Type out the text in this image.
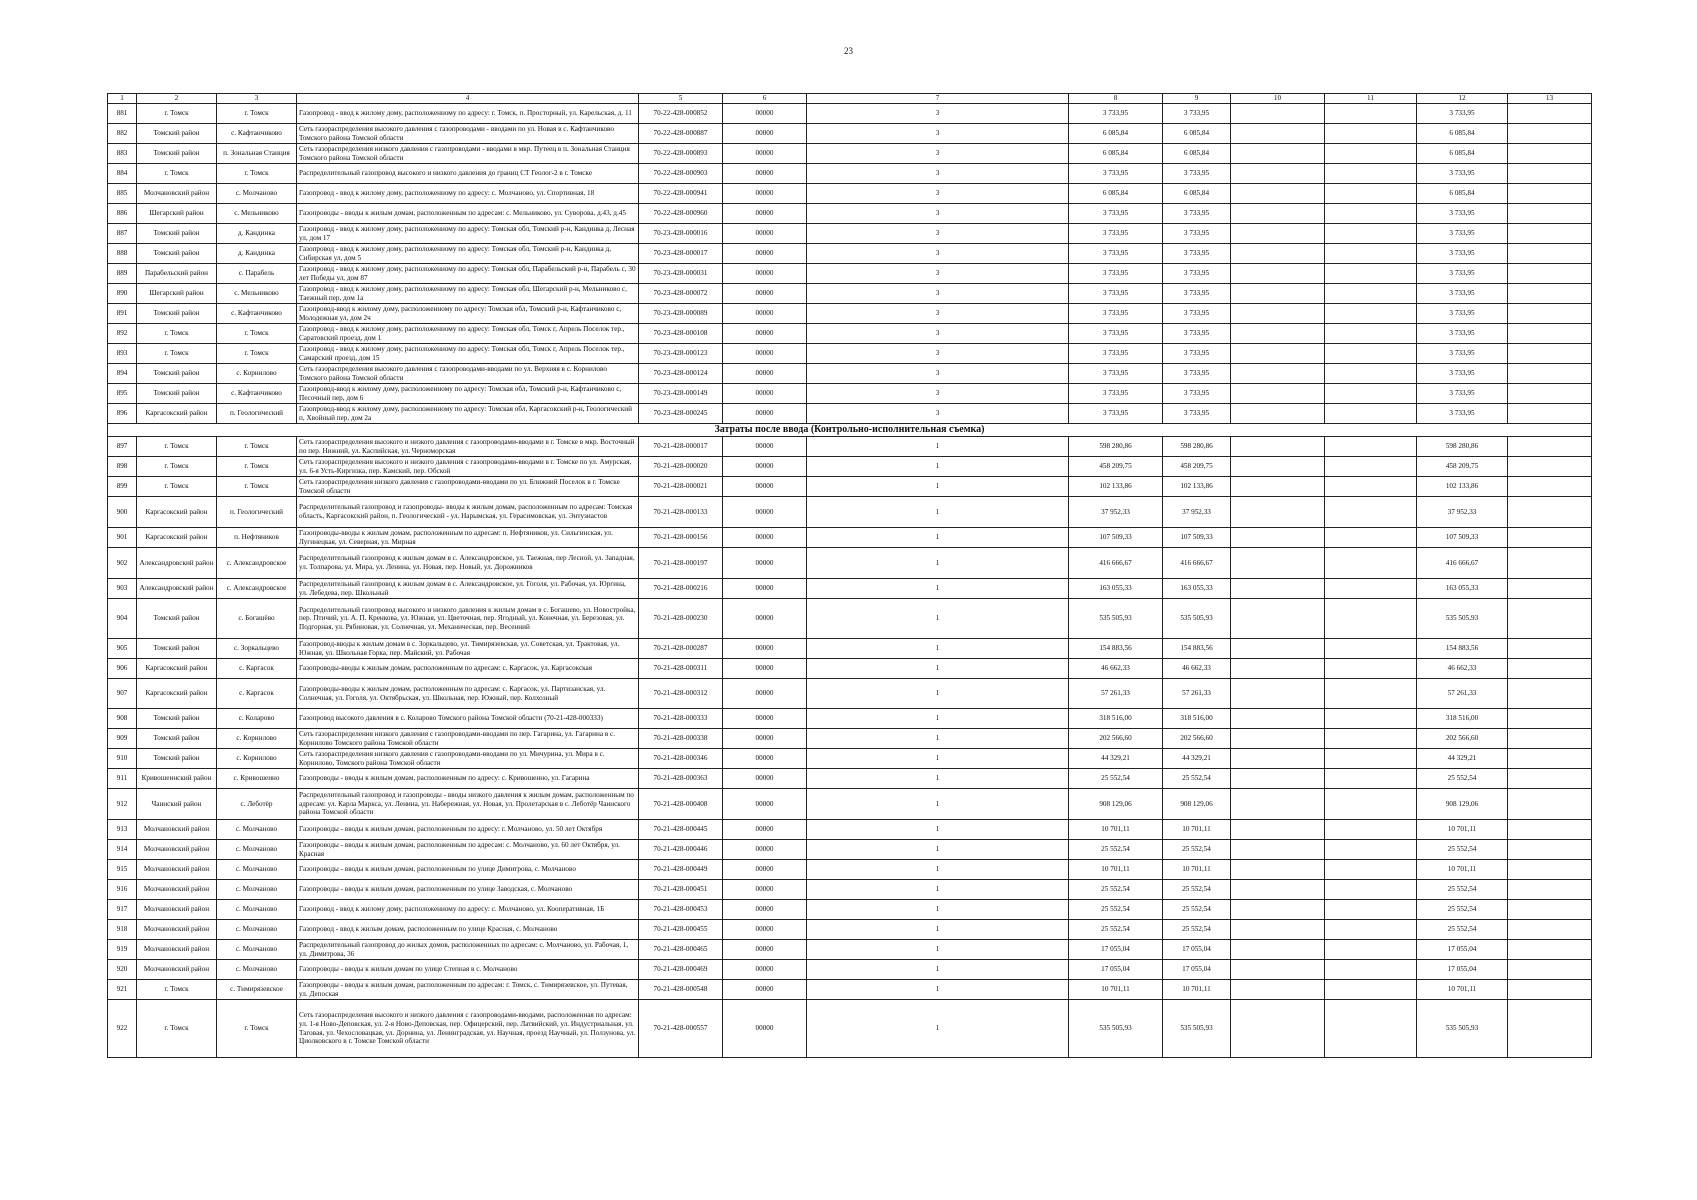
23
1	2	3	4	5	6	7	8	9	10	11	12	13
881	г. Томск	г. Томск	Газопровод - ввод к жилому дому, расположенному по адресу: г. Томск, п. Просторный, ул. Карельская, д. 11	70-22-428-000852	00000	3	3 733,95	3 733,95			3 733,95	
882	Томский район	с. Кафтанчиково	Сеть газораспределения высокого давления с газопроводами - вводами по ул. Новая в с. Кафтанчиково Томского района Томской области	70-22-428-000887	00000	3	6 085,84	6 085,84			6 085,84	
883	Томский район	п. Зональная Станция	Сеть газораспределения низкого давления с газопроводами - вводами в мкр. Путеец в п. Зональная Станция Томского района Томской области	70-22-428-000893	00000	3	6 085,84	6 085,84			6 085,84	
884	г. Томск	г. Томск	Распределительный газопровод высокого и низкого давления до границ СТ Геолог-2 в г. Томске	70-22-428-000903	00000	3	3 733,95	3 733,95			3 733,95	
885	Молчановский район	с. Молчаново	Газопровод - ввод к жилому дому, расположенному по адресу: с. Молчаново, ул. Спортивная, 18	70-22-428-000941	00000	3	6 085,84	6 085,84			6 085,84	
886	Шегарский район	с. Мельниково	Газопроводы - вводы к жилым домам, расположенным по адресам: с. Мельниково, ул. Суворова, д.43, д.45	70-22-428-000960	00000	3	3 733,95	3 733,95			3 733,95	
887	Томский район	д. Кандинка	Газопровод - ввод к жилому дому, расположенному по адресу: Томская обл, Томский р-н, Кандинка д, Лесная ул, дом 17	70-23-428-000016	00000	3	3 733,95	3 733,95			3 733,95	
888	Томский район	д. Кандинка	Газопровод - ввод к жилому дому, расположенному по адресу: Томская обл, Томский р-н, Кандинка д, Сибирская ул, дом 5	70-23-428-000017	00000	3	3 733,95	3 733,95			3 733,95	
889	Парабельский район	с. Парабель	Газопровод - ввод к жилому дому, расположенному по адресу: Томская обл, Парабельский р-н, Парабель с, 30 лет Победы ул, дом 87	70-23-428-000031	00000	3	3 733,95	3 733,95			3 733,95	
890	Шегарский район	с. Мельниково	Газопровод - ввод к жилому дому, расположенному по адресу: Томская обл, Шегарский р-н, Мельниково с, Таежный пер, дом 1а	70-23-428-000072	00000	3	3 733,95	3 733,95			3 733,95	
891	Томский район	с. Кафтанчиково	Газопровод-ввод к жилому дому, расположенному по адресу: Томская обл, Томский р-н, Кафтанчиково с, Молодежная ул, дом 2ч	70-23-428-000089	00000	3	3 733,95	3 733,95			3 733,95	
892	г. Томск	г. Томск	Газопровод - ввод к жилому дому, расположенному по адресу: Томская обл, Томск г, Апрель Поселок тер., Саратовский проезд, дом 1	70-23-428-000108	00000	3	3 733,95	3 733,95			3 733,95	
893	г. Томск	г. Томск	Газопровод - ввод к жилому дому, расположенному по адресу: Томская обл, Томск г, Апрель Поселок тер., Самарский проезд, дом 15	70-23-428-000123	00000	3	3 733,95	3 733,95			3 733,95	
894	Томский район	с. Корнилово	Сеть газораспределения высокого давления с газопроводами-вводами по ул. Верхняя в с. Корнилово Томского района Томской области	70-23-428-000124	00000	3	3 733,95	3 733,95			3 733,95	
895	Томский район	с. Кафтанчиково	Газопровод-ввод к жилому дому, расположенному по адресу: Томская обл, Томский р-н, Кафтанчиково с, Песочный пер, дом 6	70-23-428-000149	00000	3	3 733,95	3 733,95			3 733,95	
896	Каргасокский район	п. Геологический	Газопровод-ввод к жилому дому, расположенному по адресу: Томская обл, Каргасокский р-н, Геологический п, Хвойный пер, дом 2а	70-23-428-000245	00000	3	3 733,95	3 733,95			3 733,95	
Затраты после ввода (Контрольно-исполнительная съемка)												
897	г. Томск	г. Томск	Сеть газораспределения высокого и низкого давления с газопроводами-вводами в г. Томске в мкр. Восточный по пер. Нижний, ул. Каспийская, ул. Черноморская	70-21-428-000017	00000	1	598 280,86	598 280,86			598 280,86	
898	г. Томск	г. Томск	Сеть газораспределения высокого и низкого давления с газопроводами-вводами в г. Томске по ул. Амурская, ул. 6-я Усть-Киргизка, пер. Камский, пер. Обской	70-21-428-000020	00000	1	458 209,75	458 209,75			458 209,75	
899	г. Томск	г. Томск	Сеть газораспределения низкого давления с газопроводами-вводами по ул. Ближний Поселок в г. Томске Томской области	70-21-428-000021	00000	1	102 133,86	102 133,86			102 133,86	
900	Каргасокский район	п. Геологический	Распределительный газопровод и газопроводы- вводы к жилым домам, расположенным по адресам: Томская область, Каргасокский район, п. Геологический - ул. Нарымская, ул. Герасимовская, ул. Энтузиастов	70-21-428-000133	00000	1	37 952,33	37 952,33			37 952,33	
901	Каргасокский район	п. Нефтяников	Газопроводы-вводы к жилым домам, расположенным по адресам: п. Нефтяников, ул. Сильгинская, ул. Лугинецкая, ул. Северная, ул. Мирная	70-21-428-000156	00000	1	107 509,33	107 509,33			107 509,33	
902	Александровский район	с. Александровское	Распределительный газопровод к жилым домам в с. Александровское, ул. Таежная, пер Лесной, ул. Западная, ул. Толпарова, ул. Мира, ул. Ленина, ул. Новая, пер. Новый, ул. Дорожников	70-21-428-000197	00000	1	416 666,67	416 666,67			416 666,67	
903	Александровский район	с. Александровское	Распределительный газопровод к жилым домам в с. Александровское, ул. Гоголя, ул. Рабочая, ул. Юргина, ул. Лебедева, пер. Школьный	70-21-428-000216	00000	1	163 055,33	163 055,33			163 055,33	
904	Томский район	с. Богашёво	Распределительный газопровод высокого и низкого давления к жилым домам в с. Богашево, ул. Новостройка, пер. Птичий, ул. А. П. Кренкова, ул. Южная, ул. Цветочная, пер. Ягодный, ул. Конечная, ул. Березовая, ул. Подгорная, ул. Рябиновая, ул. Солнечная, ул. Механическая, пер. Весенний	70-21-428-000230	00000	1	535 505,93	535 505,93			535 505,93	
905	Томский район	с. Зоркальцево	Газопровод-вводы к жилым домам в с. Зоркальцево, ул. Тимирязевская, ул. Советская, ул. Трактовая, ул. Южная, ул. Школьная Горка, пер. Майский, ул. Рабочая	70-21-428-000287	00000	1	154 883,56	154 883,56			154 883,56	
906	Каргасокский район	с. Каргасок	Газопроводы-вводы к жилым домам, расположенным по адресам: с. Каргасок, ул. Каргасокская	70-21-428-000311	00000	1	46 662,33	46 662,33			46 662,33	
907	Каргасокский район	с. Каргасок	Газопроводы-вводы к жилым домам, расположенным по адресам: с. Каргасок, ул. Партизанская, ул. Солнечная, ул. Гоголя, ул. Октябрьская, ул. Школьная, пер. Южный, пер. Колхозный	70-21-428-000312	00000	1	57 261,33	57 261,33			57 261,33	
908	Томский район	с. Коларово	Газопровод высокого давления в с. Коларово Томского района Томской области (70-21-428-000333)	70-21-428-000333	00000	1	318 516,00	318 516,00			318 516,00	
909	Томский район	с. Корнилово	Сеть газораспределения низкого давления с газопроводами-вводами по пер. Гагарина, ул. Гагарина в с. Корнилово Томского района Томской области	70-21-428-000338	00000	1	202 566,60	202 566,60			202 566,60	
910	Томский район	с. Корнилово	Сеть газораспределения низкого давления с газопроводами-вводами по ул. Мичурина, ул. Мира в с. Корнилово, Томского района Томской области	70-21-428-000346	00000	1	44 329,21	44 329,21			44 329,21	
911	Кривошеинский район	с. Кривошеино	Газопроводы - вводы к жилым домам, расположенным по адресу: с. Кривошеино, ул. Гагарина	70-21-428-000363	00000	1	25 552,54	25 552,54			25 552,54	
912	Чаинский район	с. Леботёр	Распределительный газопровод и газопроводы - вводы низкого давления к жилым домам, расположенным по адресам: ул. Карла Маркса, ул. Ленина, ул. Набережная, ул. Новая, ул. Пролетарская в с. Леботёр Чаинского района Томской области	70-21-428-000408	00000	1	908 129,06	908 129,06			908 129,06	
913	Молчановский район	с. Молчаново	Газопроводы - вводы к жилым домам, расположенным по адресу: г. Молчаново, ул. 50 лет Октября	70-21-428-000445	00000	1	10 701,11	10 701,11			10 701,11	
914	Молчановский район	с. Молчаново	Газопроводы - вводы к жилым домам, расположенным по адресам: с. Молчаново, ул. 60 лет Октября, ул. Красная	70-21-428-000446	00000	1	25 552,54	25 552,54			25 552,54	
915	Молчановский район	с. Молчаново	Газопроводы - вводы к жилым домам, расположенным по улице Димитрова, с. Молчаново	70-21-428-000449	00000	1	10 701,11	10 701,11			10 701,11	
916	Молчановский район	с. Молчаново	Газопроводы - вводы к жилым домам, расположенным по улице Заводская, с. Молчаново	70-21-428-000451	00000	1	25 552,54	25 552,54			25 552,54	
917	Молчановский район	с. Молчаново	Газопровод - ввод к жилому дому, расположенному по адресу: с. Молчаново, ул. Кооперативная, 1Б	70-21-428-000453	00000	1	25 552,54	25 552,54			25 552,54	
918	Молчановский район	с. Молчаново	Газопровод - ввод к жилым домам, расположенным по улице Красная, с. Молчаново	70-21-428-000455	00000	1	25 552,54	25 552,54			25 552,54	
919	Молчановский район	с. Молчаново	Распределительный газопровод до жилых домов, расположенных по адресам: с. Молчаново, ул. Рабочая, 1, ул. Димитрова, 36	70-21-428-000465	00000	1	17 055,04	17 055,04			17 055,04	
920	Молчановский район	с. Молчаново	Газопроводы - вводы к жилым домам по улице Степная в с. Молчаново	70-21-428-000469	00000	1	17 055,04	17 055,04			17 055,04	
921	г. Томск	с. Тимирязевское	Газопроводы - вводы к жилым домам, расположенным по адресам: г. Томск, с. Тимирязевское, ул. Путевая, ул. Депоская	70-21-428-000548	00000	1	10 701,11	10 701,11			10 701,11	
922	г. Томск	г. Томск	Сеть газораспределения высокого и низкого давления с газопроводами-вводами, расположенная по адресам: ул. 1-я Ново-Деповская, ул. 2-я Ново-Деповская, пер. Офицерский, пер. Латвийский, ул. Индустриальная, ул. Таговая, ул. Чехословацкая, ул. Дорнина, ул. Ленинградская, ул. Научная, проезд Научный, ул. Ползунова, ул. Циолковского в г. Томске Томской области	70-21-428-000557	00000	1	535 505,93	535 505,93			535 505,93	
